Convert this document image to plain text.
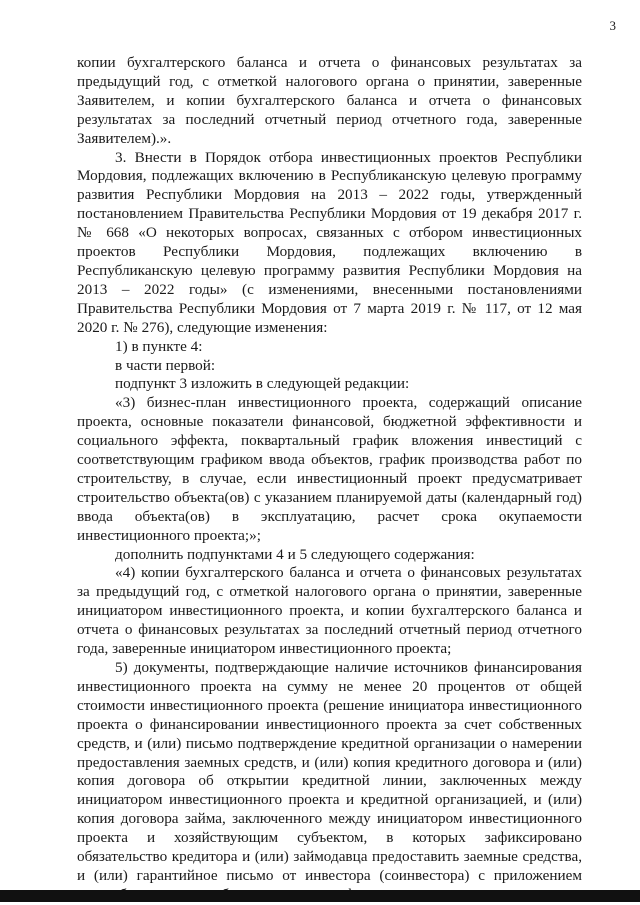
3

копии бухгалтерского баланса и отчета о финансовых результатах за предыдущий год, с отметкой налогового органа о принятии, заверенные Заявителем, и копии бухгалтерского баланса и отчета о финансовых результатах за последний отчетный период отчетного года, заверенные Заявителем).».

3. Внести в Порядок отбора инвестиционных проектов Республики Мордовия, подлежащих включению в Республиканскую целевую программу развития Республики Мордовия на 2013 – 2022 годы, утвержденный постановлением Правительства Республики Мордовия от 19 декабря 2017 г. № 668 «О некоторых вопросах, связанных с отбором инвестиционных проектов Республики Мордовия, подлежащих включению в Республиканскую целевую программу развития Республики Мордовия на 2013 – 2022 годы» (с изменениями, внесенными постановлениями Правительства Республики Мордовия от 7 марта 2019 г. № 117, от 12 мая 2020 г. № 276), следующие изменения:

1) в пункте 4:

в части первой:

подпункт 3 изложить в следующей редакции:

«3) бизнес-план инвестиционного проекта, содержащий описание проекта, основные показатели финансовой, бюджетной эффективности и социального эффекта, поквартальный график вложения инвестиций с соответствующим графиком ввода объектов, график производства работ по строительству, в случае, если инвестиционный проект предусматривает строительство объекта(ов) с указанием планируемой даты (календарный год) ввода объекта(ов) в эксплуатацию, расчет срока окупаемости инвестиционного проекта;»;

дополнить подпунктами 4 и 5 следующего содержания:

«4) копии бухгалтерского баланса и отчета о финансовых результатах за предыдущий год, с отметкой налогового органа о принятии, заверенные инициатором инвестиционного проекта, и копии бухгалтерского баланса и отчета о финансовых результатах за последний отчетный период отчетного года, заверенные инициатором инвестиционного проекта;

5) документы, подтверждающие наличие источников финансирования инвестиционного проекта на сумму не менее 20 процентов от общей стоимости инвестиционного проекта (решение инициатора инвестиционного проекта о финансировании инвестиционного проекта за счет собственных средств, и (или) письмо подтверждение кредитной организации о намерении предоставления заемных средств, и (или) копия кредитного договора и (или) копия договора об открытии кредитной линии, заключенных между инициатором инвестиционного проекта и кредитной организацией, и (или) копия договора займа, заключенного между инициатором инвестиционного проекта и хозяйствующим субъектом, в которых зафиксировано обязательство кредитора и (или) займодавца предоставить заемные средства, и (или) гарантийное письмо от инвестора (соинвестора) с приложением
